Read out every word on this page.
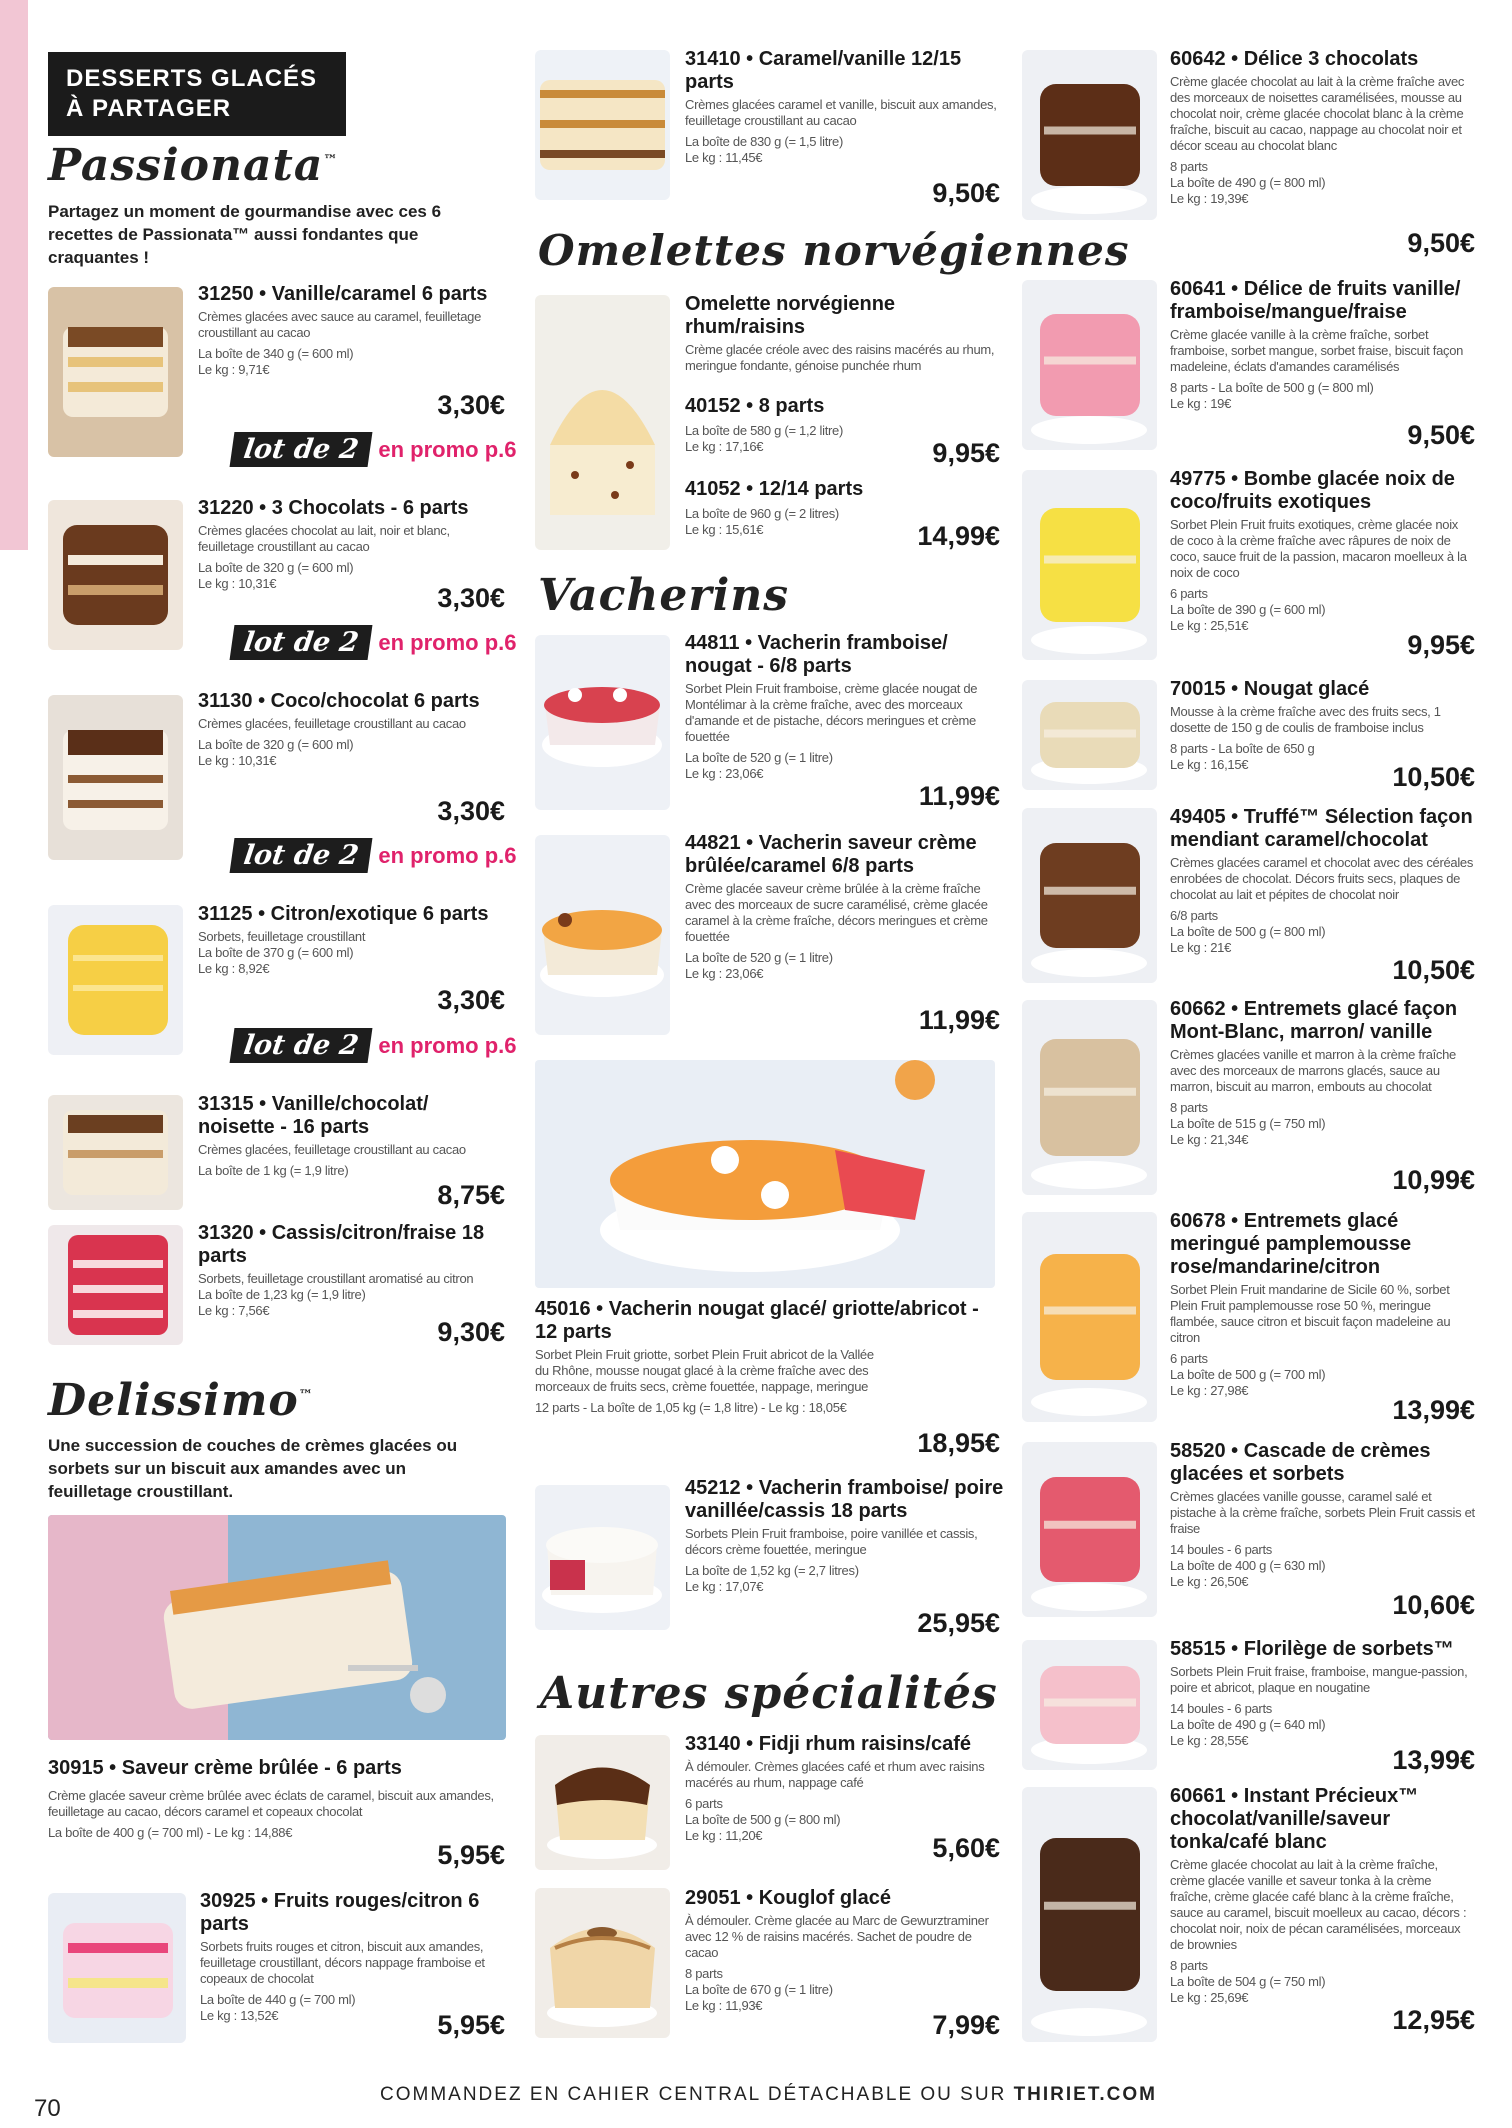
DESSERTS GLACÉS
À PARTAGER
Passionata™
Partagez un moment de gourmandise avec ces 6 recettes de Passionata™ aussi fondantes que craquantes !
31250 • Vanille/caramel 6 parts
Crèmes glacées avec sauce au caramel, feuilletage croustillant au cacao
La boîte de 340 g (= 600 ml)
Le kg : 9,71€
3,30€
lot de 2 en promo p.6
31220 • 3 Chocolats - 6 parts
Crèmes glacées chocolat au lait, noir et blanc, feuilletage croustillant au cacao
La boîte de 320 g (= 600 ml)
Le kg : 10,31€	3,30€
lot de 2 en promo p.6
31130 • Coco/chocolat 6 parts
Crèmes glacées, feuilletage croustillant au cacao
La boîte de 320 g (= 600 ml)
Le kg : 10,31€
3,30€
lot de 2 en promo p.6
31125 • Citron/exotique 6 parts
Sorbets, feuilletage croustillant
La boîte de 370 g (= 600 ml)
Le kg : 8,92€
3,30€
lot de 2 en promo p.6
31315 • Vanille/chocolat/ noisette - 16 parts
Crèmes glacées, feuilletage croustillant au cacao
La boîte de 1 kg (= 1,9 litre)
8,75€
31320 • Cassis/citron/fraise 18 parts
Sorbets, feuilletage croustillant aromatisé au citron
La boîte de 1,23 kg (= 1,9 litre)
Le kg : 7,56€
9,30€
Delissimo™
Une succession de couches de crèmes glacées ou sorbets sur un biscuit aux amandes avec un feuilletage croustillant.
30915 • Saveur crème brûlée - 6 parts
Crème glacée saveur crème brûlée avec éclats de caramel, biscuit aux amandes, feuilletage au cacao, décors caramel et copeaux chocolat
La boîte de 400 g (= 700 ml) - Le kg : 14,88€
5,95€
30925 • Fruits rouges/citron 6 parts
Sorbets fruits rouges et citron, biscuit aux amandes, feuilletage croustillant, décors nappage framboise et copeaux de chocolat
La boîte de 440 g (= 700 ml)
Le kg : 13,52€	5,95€
31410 • Caramel/vanille 12/15 parts
Crèmes glacées caramel et vanille, biscuit aux amandes, feuilletage croustillant au cacao
La boîte de 830 g (= 1,5 litre)
Le kg : 11,45€
9,50€
Omelettes norvégiennes
Omelette norvégienne rhum/raisins
Crème glacée créole avec des raisins macérés au rhum, meringue fondante, génoise punchée rhum
40152 • 8 parts
La boîte de 580 g (= 1,2 litre)
Le kg : 17,16€	9,95€
41052 • 12/14 parts
La boîte de 960 g (= 2 litres)
Le kg : 15,61€	14,99€
Vacherins
44811 • Vacherin framboise/ nougat - 6/8 parts
Sorbet Plein Fruit framboise, crème glacée nougat de Montélimar à la crème fraîche, avec des morceaux d'amande et de pistache, décors meringues et crème fouettée
La boîte de 520 g (= 1 litre)
Le kg : 23,06€
11,99€
44821 • Vacherin saveur crème brûlée/caramel 6/8 parts
Crème glacée saveur crème brûlée à la crème fraîche avec des morceaux de sucre caramélisé, crème glacée caramel à la crème fraîche, décors meringues et crème fouettée
La boîte de 520 g (= 1 litre)
Le kg : 23,06€
11,99€
45016 • Vacherin nougat glacé/ griotte/abricot - 12 parts
Sorbet Plein Fruit griotte, sorbet Plein Fruit abricot de la Vallée du Rhône, mousse nougat glacé à la crème fraîche avec des morceaux de fruits secs, crème fouettée, nappage, meringue
12 parts - La boîte de 1,05 kg (= 1,8 litre) - Le kg : 18,05€
18,95€
45212 • Vacherin framboise/ poire vanillée/cassis 18 parts
Sorbets Plein Fruit framboise, poire vanillée et cassis, décors crème fouettée, meringue
La boîte de 1,52 kg (= 2,7 litres)
Le kg : 17,07€
25,95€
Autres spécialités
33140 • Fidji rhum raisins/café
À démouler. Crèmes glacées café et rhum avec raisins macérés au rhum, nappage café
6 parts
La boîte de 500 g (= 800 ml)
Le kg : 11,20€	5,60€
29051 • Kouglof glacé
À démouler. Crème glacée au Marc de Gewurztraminer avec 12 % de raisins macérés. Sachet de poudre de cacao
8 parts
La boîte de 670 g (= 1 litre)
Le kg : 11,93€
7,99€
60642 • Délice 3 chocolats
Crème glacée chocolat au lait à la crème fraîche avec des morceaux de noisettes caramélisées, mousse au chocolat noir, crème glacée chocolat blanc à la crème fraîche, biscuit au cacao, nappage au chocolat noir et décor sceau au chocolat blanc
8 parts
La boîte de 490 g (= 800 ml)
Le kg : 19,39€
9,50€
60641 • Délice de fruits vanille/ framboise/mangue/fraise
Crème glacée vanille à la crème fraîche, sorbet framboise, sorbet mangue, sorbet fraise, biscuit façon madeleine, éclats d'amandes caramélisés
8 parts - La boîte de 500 g (= 800 ml)
Le kg : 19€
9,50€
49775 • Bombe glacée noix de coco/fruits exotiques
Sorbet Plein Fruit fruits exotiques, crème glacée noix de coco à la crème fraîche avec râpures de noix de coco, sauce fruit de la passion, macaron moelleux à la noix de coco
6 parts
La boîte de 390 g (= 600 ml)
Le kg : 25,51€
9,95€
70015 • Nougat glacé
Mousse à la crème fraîche avec des fruits secs, 1 dosette de 150 g de coulis de framboise inclus
8 parts - La boîte de 650 g
Le kg : 16,15€	10,50€
49405 • Truffé™ Sélection façon mendiant caramel/chocolat
Crèmes glacées caramel et chocolat avec des céréales enrobées de chocolat. Décors fruits secs, plaques de chocolat au lait et pépites de chocolat noir
6/8 parts
La boîte de 500 g (= 800 ml)
Le kg : 21€
10,50€
60662 • Entremets glacé façon Mont-Blanc, marron/ vanille
Crèmes glacées vanille et marron à la crème fraîche avec des morceaux de marrons glacés, sauce au marron, biscuit au marron, embouts au chocolat
8 parts
La boîte de 515 g (= 750 ml)
Le kg : 21,34€
10,99€
60678 • Entremets glacé meringué pamplemousse rose/mandarine/citron
Sorbet Plein Fruit mandarine de Sicile 60 %, sorbet Plein Fruit pamplemousse rose 50 %, meringue flambée, sauce citron et biscuit façon madeleine au citron
6 parts
La boîte de 500 g (= 700 ml)
Le kg : 27,98€
13,99€
58520 • Cascade de crèmes glacées et sorbets
Crèmes glacées vanille gousse, caramel salé et pistache à la crème fraîche, sorbets Plein Fruit cassis et fraise
14 boules - 6 parts
La boîte de 400 g (= 630 ml)
Le kg : 26,50€
10,60€
58515 • Florilège de sorbets™
Sorbets Plein Fruit fraise, framboise, mangue-passion, poire et abricot, plaque en nougatine
14 boules - 6 parts
La boîte de 490 g (= 640 ml)
Le kg : 28,55€
13,99€
60661 • Instant Précieux™ chocolat/vanille/saveur tonka/café blanc
Crème glacée chocolat au lait à la crème fraîche, crème glacée vanille et saveur tonka à la crème fraîche, crème glacée café blanc à la crème fraîche, sauce au caramel, biscuit moelleux au cacao, décors : chocolat noir, noix de pécan caramélisées, morceaux de brownies
8 parts
La boîte de 504 g (= 750 ml)
Le kg : 25,69€
12,95€
70
COMMANDEZ EN CAHIER CENTRAL DÉTACHABLE OU SUR THIRIET.COM
